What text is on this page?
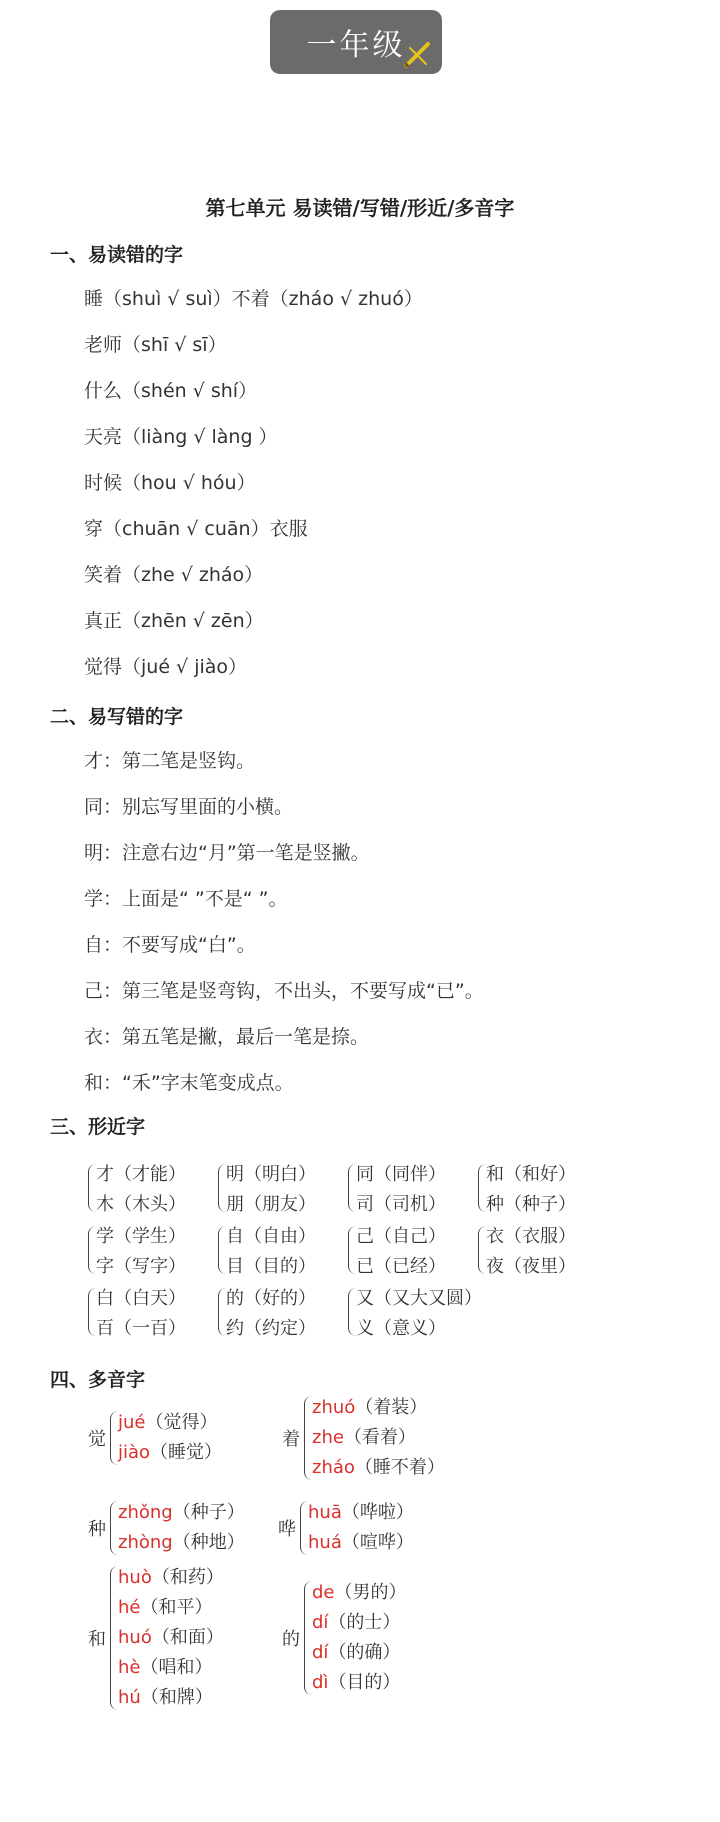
一年级
第七单元 易读错/写错/形近/多音字
一、易读错的字
睡（shuì √ suì）不着（zháo √ zhuó）
老师（shī √ sī）
什么（shén √ shí）
天亮（liàng √ làng ）
时候（hou √ hóu）
穿（chuān √ cuān）衣服
笑着（zhe √ zháo）
真正（zhēn √ zēn）
觉得（jué √ jiào）
二、易写错的字
才：第二笔是竖钩。
同：别忘写里面的小横。
明：注意右边“月”第一笔是竖撇。
学：上面是“ ”不是“ ”。
自：不要写成“白”。
己：第三笔是竖弯钩，不出头，不要写成“已”。
衣：第五笔是撇，最后一笔是捺。
和：“禾”字末笔变成点。
三、形近字
才（才能）
木（木头）
明（明白）
朋（朋友）
同（同伴）
司（司机）
和（和好）
种（种子）
学（学生）
字（写字）
自（自由）
目（目的）
己（自己）
已（已经）
衣（衣服）
夜（夜里）
白（白天）
百（一百）
的（好的）
约（约定）
又（又大又圆）
义（意义）
四、多音字
觉
jué（觉得）
jiào（睡觉）
着
zhuó（着装）
zhe（看着）
zháo（睡不着）
种
zhǒng（种子）
zhòng（种地）
哗
huā（哗啦）
huá（喧哗）
和
huò（和药）
hé（和平）
huó（和面）
hè（唱和）
hú（和牌）
的
de（男的）
dí（的士）
dí（的确）
dì（目的）
